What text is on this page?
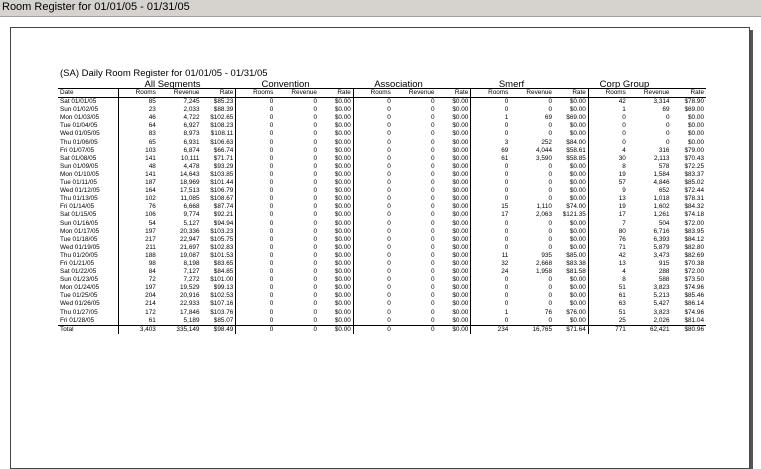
Room Register for 01/01/05 - 01/31/05
(SA) Daily Room Register for 01/01/05 - 01/31/05
All Segments	Convention	Association	Smerf	Corp Group
Date	Rooms	Revenue	Rate	Rooms	Revenue	Rate	Rooms	Revenue	Rate	Rooms	Revenue	Rate	Rooms	Revenue	Rate
Sat 01/01/05	85	7,245	$85.23	0	0	$0.00	0	0	$0.00	0	0	$0.00	42	3,314	$78.90
Sun 01/02/05	23	2,033	$88.39	0	0	$0.00	0	0	$0.00	0	0	$0.00	1	69	$69.00
Mon 01/03/05	46	4,722	$102.65	0	0	$0.00	0	0	$0.00	1	69	$69.00	0	0	$0.00
Tue 01/04/05	64	6,927	$108.23	0	0	$0.00	0	0	$0.00	0	0	$0.00	0	0	$0.00
Wed 01/05/05	83	8,973	$108.11	0	0	$0.00	0	0	$0.00	0	0	$0.00	0	0	$0.00
Thu 01/06/05	65	6,931	$106.63	0	0	$0.00	0	0	$0.00	3	252	$84.00	0	0	$0.00
Fri 01/07/05	103	6,874	$66.74	0	0	$0.00	0	0	$0.00	69	4,044	$58.61	4	316	$79.00
Sat 01/08/05	141	10,111	$71.71	0	0	$0.00	0	0	$0.00	61	3,590	$58.85	30	2,113	$70.43
Sun 01/09/05	48	4,478	$93.29	0	0	$0.00	0	0	$0.00	0	0	$0.00	8	578	$72.25
Mon 01/10/05	141	14,643	$103.85	0	0	$0.00	0	0	$0.00	0	0	$0.00	19	1,584	$83.37
Tue 01/11/05	187	18,969	$101.44	0	0	$0.00	0	0	$0.00	0	0	$0.00	57	4,846	$85.02
Wed 01/12/05	164	17,513	$106.79	0	0	$0.00	0	0	$0.00	0	0	$0.00	9	652	$72.44
Thu 01/13/05	102	11,085	$108.67	0	0	$0.00	0	0	$0.00	0	0	$0.00	13	1,018	$78.31
Fri 01/14/05	76	6,668	$87.74	0	0	$0.00	0	0	$0.00	15	1,110	$74.00	19	1,602	$84.32
Sat 01/15/05	106	9,774	$92.21	0	0	$0.00	0	0	$0.00	17	2,063	$121.35	17	1,261	$74.18
Sun 01/16/05	54	5,127	$94.94	0	0	$0.00	0	0	$0.00	0	0	$0.00	7	504	$72.00
Mon 01/17/05	197	20,336	$103.23	0	0	$0.00	0	0	$0.00	0	0	$0.00	80	6,716	$83.95
Tue 01/18/05	217	22,947	$105.75	0	0	$0.00	0	0	$0.00	0	0	$0.00	76	6,393	$84.12
Wed 01/19/05	211	21,697	$102.83	0	0	$0.00	0	0	$0.00	0	0	$0.00	71	5,879	$82.80
Thu 01/20/05	188	19,087	$101.53	0	0	$0.00	0	0	$0.00	11	935	$85.00	42	3,473	$82.69
Fri 01/21/05	98	8,198	$83.65	0	0	$0.00	0	0	$0.00	32	2,668	$83.38	13	915	$70.38
Sat 01/22/05	84	7,127	$84.85	0	0	$0.00	0	0	$0.00	24	1,958	$81.58	4	288	$72.00
Sun 01/23/05	72	7,272	$101.00	0	0	$0.00	0	0	$0.00	0	0	$0.00	8	588	$73.50
Mon 01/24/05	197	19,529	$99.13	0	0	$0.00	0	0	$0.00	0	0	$0.00	51	3,823	$74.96
Tue 01/25/05	204	20,916	$102.53	0	0	$0.00	0	0	$0.00	0	0	$0.00	61	5,213	$85.46
Wed 01/26/05	214	22,933	$107.16	0	0	$0.00	0	0	$0.00	0	0	$0.00	63	5,427	$86.14
Thu 01/27/05	172	17,846	$103.76	0	0	$0.00	0	0	$0.00	1	76	$76.00	51	3,823	$74.96
Fri 01/28/05	61	5,189	$85.07	0	0	$0.00	0	0	$0.00	0	0	$0.00	25	2,026	$81.04
Total	3,403	335,149	$98.49	0	0	$0.00	0	0	$0.00	234	16,765	$71.64	771	62,421	$80.96
